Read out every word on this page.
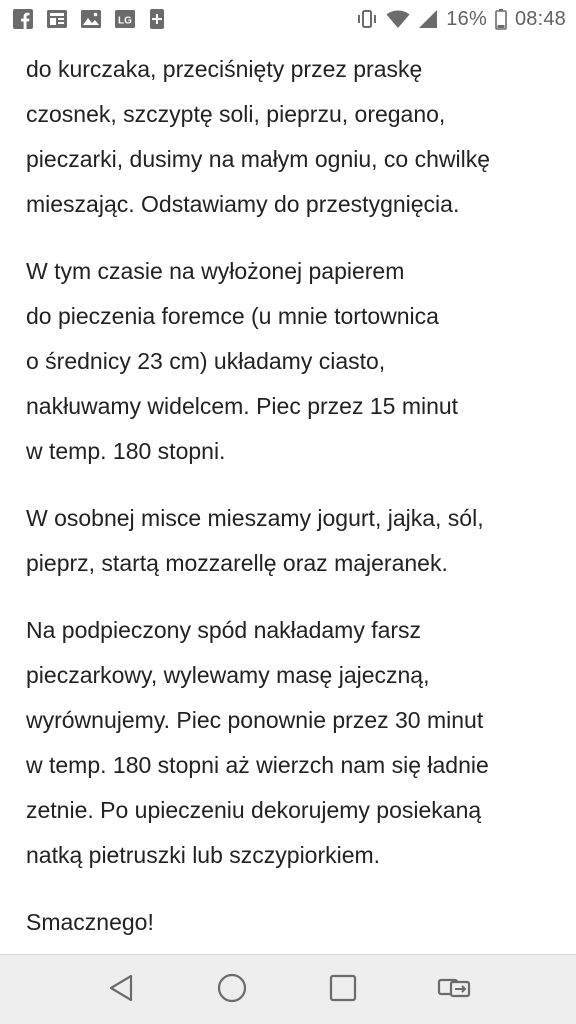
LG	16% 08:48

do kurczaka, przeciśnięty przez praskę
czosnek, szczyptę soli, pieprzu, oregano,
pieczarki, dusimy na małym ogniu, co chwilkę
mieszając. Odstawiamy do przestygnięcia.

W tym czasie na wyłożonej papierem
do pieczenia foremce (u mnie tortownica
o średnicy 23 cm) układamy ciasto,
nakłuwamy widelcem. Piec przez 15 minut
w temp. 180 stopni.

W osobnej misce mieszamy jogurt, jajka, sól,
pieprz, startą mozzarellę oraz majeranek.

Na podpieczony spód nakładamy farsz
pieczarkowy, wylewamy masę jajeczną,
wyrównujemy. Piec ponownie przez 30 minut
w temp. 180 stopni aż wierzch nam się ładnie
zetnie. Po upieczeniu dekorujemy posiekaną
natką pietruszki lub szczypiorkiem.

Smacznego!
